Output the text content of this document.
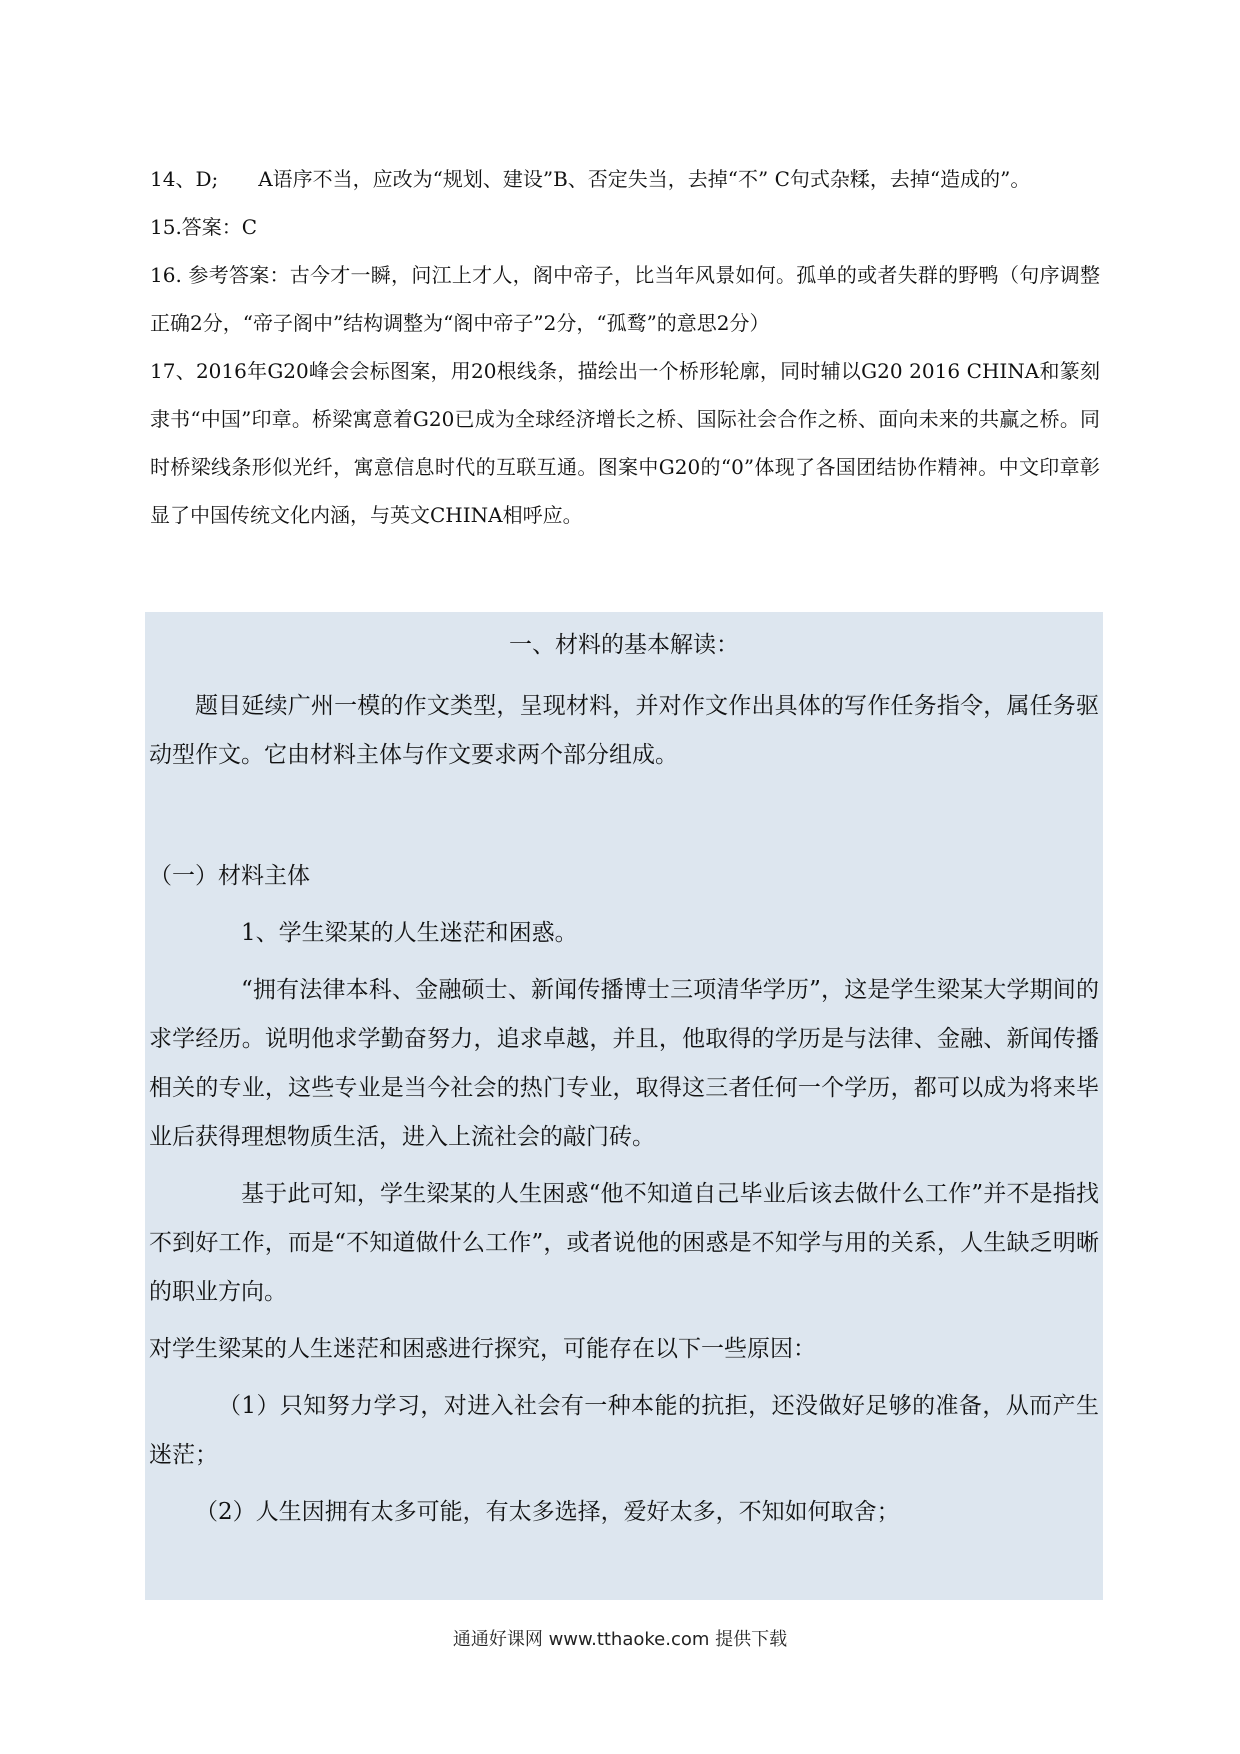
14、D;　　A语序不当，应改为“规划、建设”B、否定失当，去掉“不” C句式杂糅，去掉“造成的”。

15.答案：C

16. 参考答案：古今才一瞬，问江上才人，阁中帝子，比当年风景如何。孤单的或者失群的野鸭（句序调整正确2分，“帝子阁中”结构调整为“阁中帝子”2分，“孤鹜”的意思2分）

17、2016年G20峰会会标图案，用20根线条，描绘出一个桥形轮廓，同时辅以G20 2016 CHINA和篆刻隶书“中国”印章。桥梁寓意着G20已成为全球经济增长之桥、国际社会合作之桥、面向未来的共赢之桥。同时桥梁线条形似光纤，寓意信息时代的互联互通。图案中G20的“0”体现了各国团结协作精神。中文印章彰显了中国传统文化内涵，与英文CHINA相呼应。

一、材料的基本解读：

题目延续广州一模的作文类型，呈现材料，并对作文作出具体的写作任务指令，属任务驱动型作文。它由材料主体与作文要求两个部分组成。

（一）材料主体

1、学生梁某的人生迷茫和困惑。

“拥有法律本科、金融硕士、新闻传播博士三项清华学历”，这是学生梁某大学期间的求学经历。说明他求学勤奋努力，追求卓越，并且，他取得的学历是与法律、金融、新闻传播相关的专业，这些专业是当今社会的热门专业，取得这三者任何一个学历，都可以成为将来毕业后获得理想物质生活，进入上流社会的敲门砖。

基于此可知，学生梁某的人生困惑“他不知道自己毕业后该去做什么工作”并不是指找不到好工作，而是“不知道做什么工作”，或者说他的困惑是不知学与用的关系，人生缺乏明晰的职业方向。

对学生梁某的人生迷茫和困惑进行探究，可能存在以下一些原因：

（1）只知努力学习，对进入社会有一种本能的抗拒，还没做好足够的准备，从而产生迷茫；

（2）人生因拥有太多可能，有太多选择，爱好太多，不知如何取舍；

通通好课网 www.tthaoke.com 提供下载
